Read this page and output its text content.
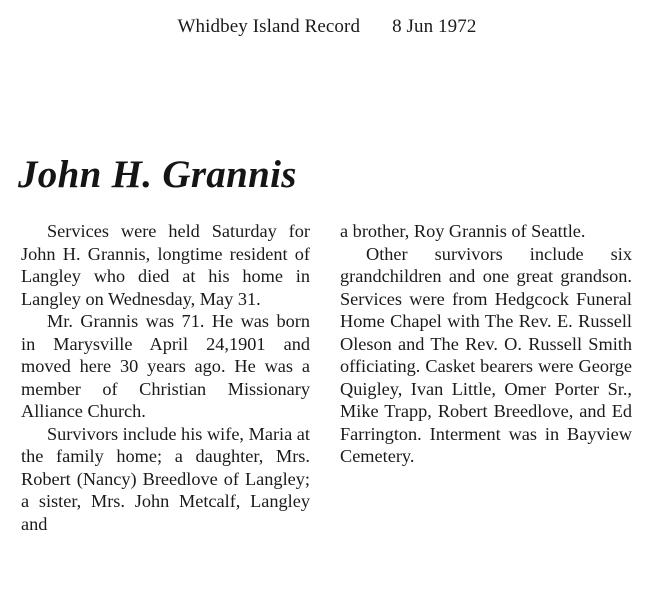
Whidbey Island Record 8 Jun 1972
John H. Grannis

Services were held Saturday for John H. Grannis, longtime resident of Langley who died at his home in Langley on Wednesday, May 31.

Mr. Grannis was 71. He was born in Marysville April 24,1901 and moved here 30 years ago. He was a member of Christian Missionary Alliance Church.

Survivors include his wife, Maria at the family home; a daughter, Mrs. Robert (Nancy) Breedlove of Langley; a sister, Mrs. John Metcalf, Langley and

a brother, Roy Grannis of Seattle.

Other survivors include six grandchildren and one great grandson. Services were from Hedgcock Funeral Home Chapel with The Rev. E. Russell Oleson and The Rev. O. Russell Smith officiating. Casket bearers were George Quigley, Ivan Little, Omer Porter Sr., Mike Trapp, Robert Breedlove, and Ed Farrington. Interment was in Bayview Cemetery.
